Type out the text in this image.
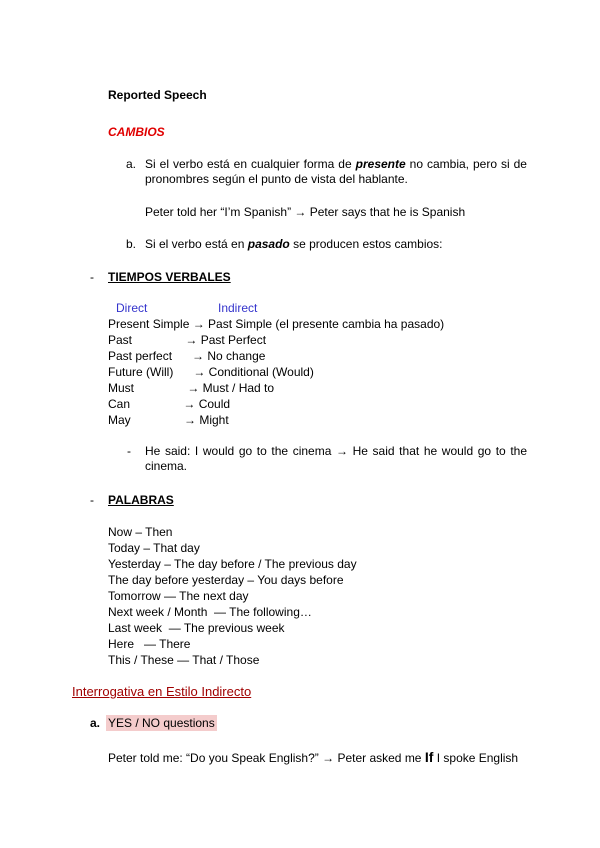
Reported Speech
CAMBIOS
a. Si el verbo está en cualquier forma de presente no cambia, pero si de pronombres según el punto de vista del hablante.
Peter told her “I’m Spanish” → Peter says that he is Spanish
b. Si el verbo está en pasado se producen estos cambios:
- TIEMPOS VERBALES
Direct	Indirect
Present Simple → Past Simple (el presente cambia ha pasado)
Past                → Past Perfect
Past perfect      → No change
Future (Will)      → Conditional (Would)
Must                → Must / Had to
Can                → Could
May                → Might
- He said: I would go to the cinema → He said that he would go to the cinema.
- PALABRAS
Now – Then
Today – That day
Yesterday – The day before / The previous day
The day before yesterday – You days before
Tomorrow — The next day
Next week / Month  — The following…
Last week  — The previous week
Here   — There
This / These — That / Those
Interrogativa en Estilo Indirecto
a. YES / NO questions
Peter told me: “Do you Speak English?” → Peter asked me If I spoke English
